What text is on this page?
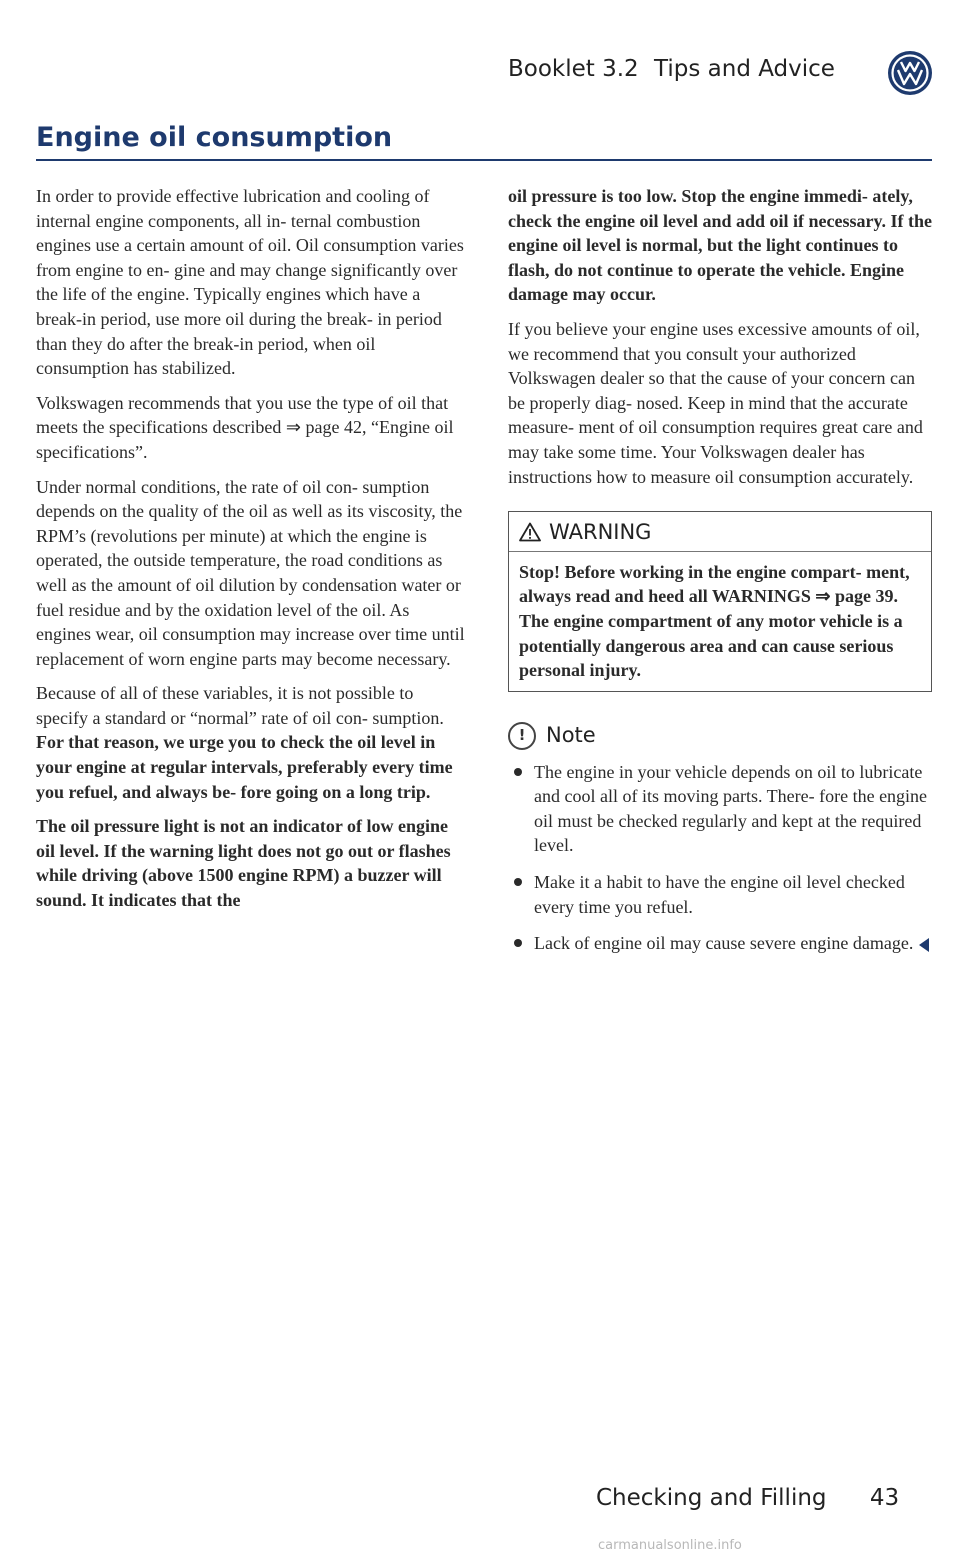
Booklet 3.2 Tips and Advice
Engine oil consumption

In order to provide effective lubrication and cooling of internal engine components, all in- ternal combustion engines use a certain amount of oil. Oil consumption varies from engine to en- gine and may change significantly over the life of the engine. Typically engines which have a break-in period, use more oil during the break- in period than they do after the break-in period, when oil consumption has stabilized.

Volkswagen recommends that you use the type of oil that meets the specifications described ⇒ page 42, “Engine oil specifications”.

Under normal conditions, the rate of oil con- sumption depends on the quality of the oil as well as its viscosity, the RPM’s (revolutions per minute) at which the engine is operated, the outside temperature, the road conditions as well as the amount of oil dilution by condensation water or fuel residue and by the oxidation level of the oil. As engines wear, oil consumption may increase over time until replacement of worn engine parts may become necessary.

Because of all of these variables, it is not possible to specify a standard or “normal” rate of oil con- sumption. For that reason, we urge you to check the oil level in your engine at regular intervals, preferably every time you refuel, and always be- fore going on a long trip.

The oil pressure light is not an indicator of low engine oil level. If the warning light does not go out or flashes while driving (above 1500 engine RPM) a buzzer will sound. It indicates that the

oil pressure is too low. Stop the engine immedi- ately, check the engine oil level and add oil if necessary. If the engine oil level is normal, but the light continues to flash, do not continue to operate the vehicle. Engine damage may occur.

If you believe your engine uses excessive amounts of oil, we recommend that you consult your authorized Volkswagen dealer so that the cause of your concern can be properly diag- nosed. Keep in mind that the accurate measure- ment of oil consumption requires great care and may take some time. Your Volkswagen dealer has instructions how to measure oil consumption accurately.

WARNING
Stop! Before working in the engine compart- ment, always read and heed all WARNINGS ⇒ page 39. The engine compartment of any motor vehicle is a potentially dangerous area and can cause serious personal injury.
! Note
The engine in your vehicle depends on oil to lubricate and cool all of its moving parts. There- fore the engine oil must be checked regularly and kept at the required level.
Make it a habit to have the engine oil level checked every time you refuel.
Lack of engine oil may cause severe engine damage.
Checking and Filling 43
carmanualsonline.info
